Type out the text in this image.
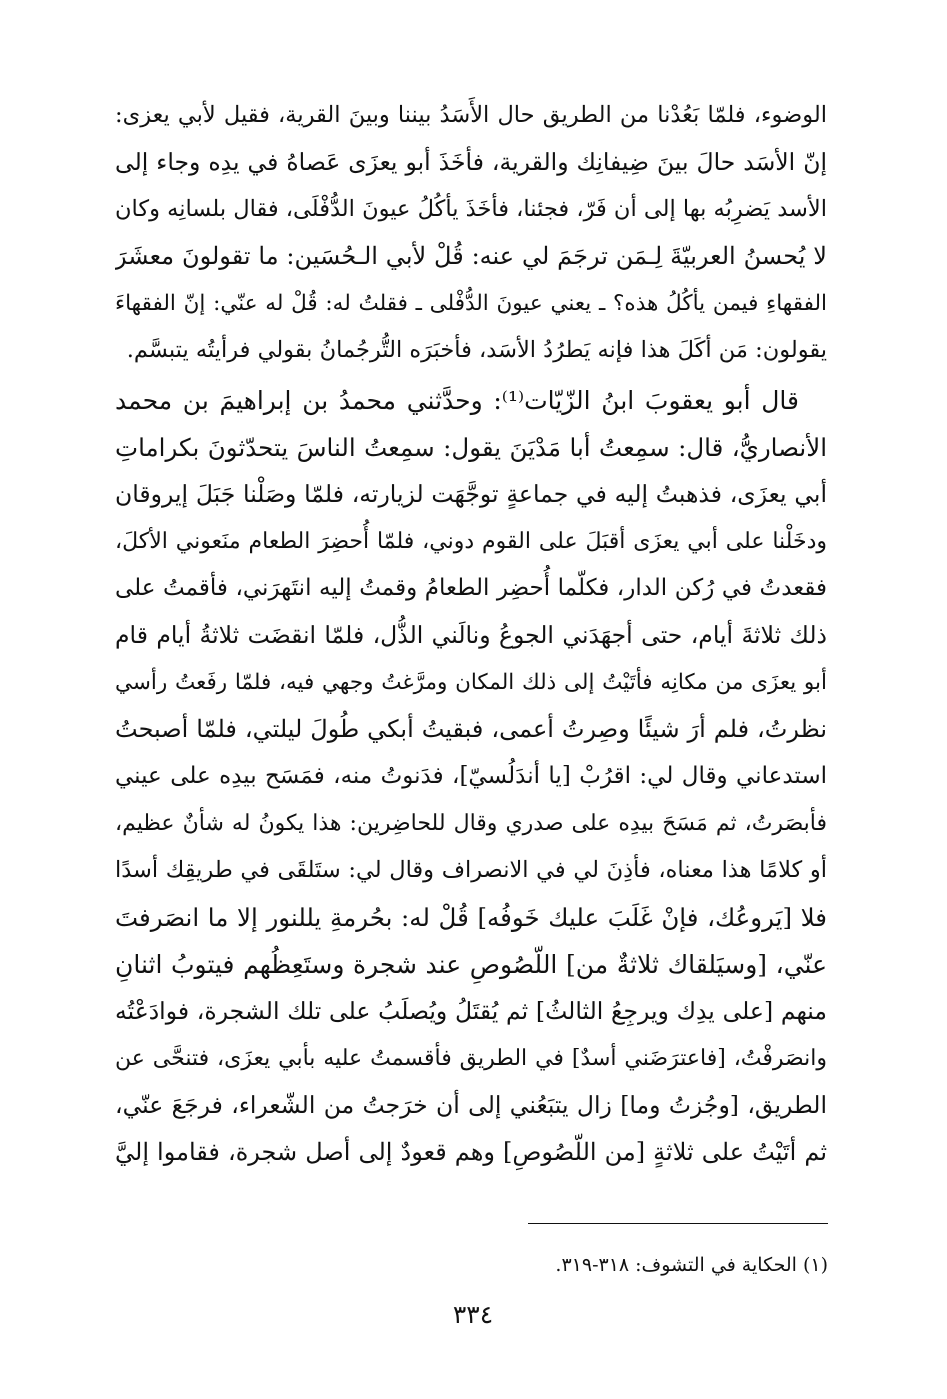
الوضوء، فلمّا بَعُدْنا من الطريق حال الأَسَدُ بيننا وبينَ القرية، فقيل لأبي يعزى:
إنّ الأسَد حالَ بينَ ضِيفانِك والقرية، فأخَذَ أبو يعزَى عَصاهُ في يدِه وجاء إلى
الأسد يَضرِبُه بها إلى أن فَرّ، فجئنا، فأخَذَ يأكُلُ عيونَ الدُّفْلَى، فقال بلسانِه وكان
لا يُحسنُ العربيّةَ لِـمَن ترجَمَ لي عنه: قُلْ لأبي الـحُسَين: ما تقولونَ معشَرَ
الفقهاءِ فيمن يأكُلُ هذه؟ ـ يعني عيونَ الدُّفْلى ـ فقلتُ له: قُلْ له عنّي: إنّ الفقهاءَ
يقولون: مَن أكَلَ هذا فإنه يَطرُدُ الأسَد، فأخبَرَه التُّرجُمانُ بقولي فرأيتُه يتبسَّم.
قال أبو يعقوبَ ابنُ الزّيّات⁽¹⁾: وحدَّثني محمدُ بن إبراهيمَ بن محمد
الأنصاريُّ، قال: سمِعتُ أبا مَدْيَنَ يقول: سمِعتُ الناسَ يتحدّثونَ بكراماتِ
أبي يعزَى، فذهبتُ إليه في جماعةٍ توجَّهَت لزيارته، فلمّا وصَلْنا جَبَلَ إيروقان
ودخَلْنا على أبي يعزَى أقبَلَ على القوم دوني، فلمّا أُحضِرَ الطعام منَعوني الأكلَ،
فقعدتُ في رُكن الدار، فكلّما أُحضِر الطعامُ وقمتُ إليه انتَهرَني، فأقمتُ على
ذلك ثلاثةَ أيام، حتى أجهَدَني الجوعُ ونالَني الذُّل، فلمّا انقضَت ثلاثةُ أيام قام
أبو يعزَى من مكانِه فأتَيْتُ إلى ذلك المكان ومرَّغتُ وجهي فيه، فلمّا رفَعتُ رأسي
نظرتُ، فلم أرَ شيئًا وصِرتُ أعمى، فبقيتُ أبكي طُولَ ليلتي، فلمّا أصبحتُ
استدعاني وقال لي: اقرُبْ [يا أندَلُسيّ]، فدَنوتُ منه، فمَسَح بيدِه على عيني
فأبصَرتُ، ثم مَسَحَ بيدِه على صدري وقال للحاضِرين: هذا يكونُ له شأنٌ عظيم،
أو كلامًا هذا معناه، فأذِنَ لي في الانصراف وقال لي: ستَلقَى في طريقِك أسدًا
فلا [يَروعُك، فإنْ غَلَبَ عليك خَوفُه] قُلْ له: بحُرمةِ يللنور إلا ما انصَرفتَ
عنّي، [وسيَلقاك ثلاثةٌ من] اللّصُوصِ عند شجرة وستَعِظُهم فيتوبُ اثنانِ
منهم [على يدِك ويرجِعُ الثالثُ] ثم يُقتَلُ ويُصلَبُ على تلك الشجرة، فوادَعْتُه
وانصَرفْتُ، [فاعترَضَني أسدٌ] في الطريق فأقسمتُ عليه بأبي يعزَى، فتنحَّى عن
الطريق، [وجُزتُ وما] زال يتبَعُني إلى أن خرَجتُ من الشّعراء، فرجَعَ عنّي،
ثم أتَيْتُ على ثلاثةٍ [من اللّصُوصِ] وهم قعودٌ إلى أصل شجرة، فقاموا إليَّ
(١) الحكاية في التشوف: ٣١٨-٣١٩.
٣٣٤
